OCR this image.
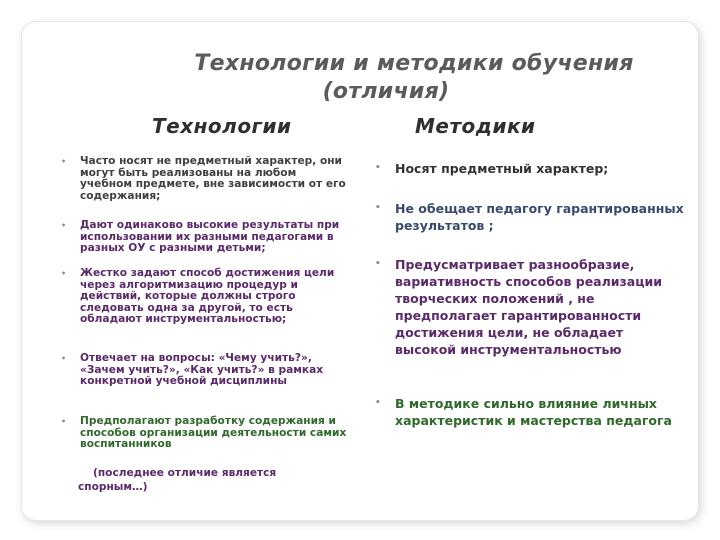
Технологии и методики обучения
(отличия)
Технологии	Методики
• Часто носят не предметный характер, они могут быть реализованы на любом учебном предмете, вне зависимости от его содержания;
• Дают одинаково высокие результаты при использовании их разными педагогами в разных ОУ с разными детьми;
• Жестко задают способ достижения цели через алгоритмизацию процедур и действий, которые должны строго следовать одна за другой, то есть обладают инструментальностью;
• Отвечает на вопросы: «Чему учить?», «Зачем учить?», «Как учить?» в рамках конкретной учебной дисциплины
• Предполагают разработку содержания и способов организации деятельности самих воспитанников
(последнее отличие является
спорным…)
• Носят предметный характер;
• Не обещает педагогу гарантированных результатов ;
• Предусматривает разнообразие, вариативность способов реализации творческих положений , не предполагает гарантированности достижения цели, не обладает высокой инструментальностью
• В методике сильно влияние личных характеристик и мастерства педагога
